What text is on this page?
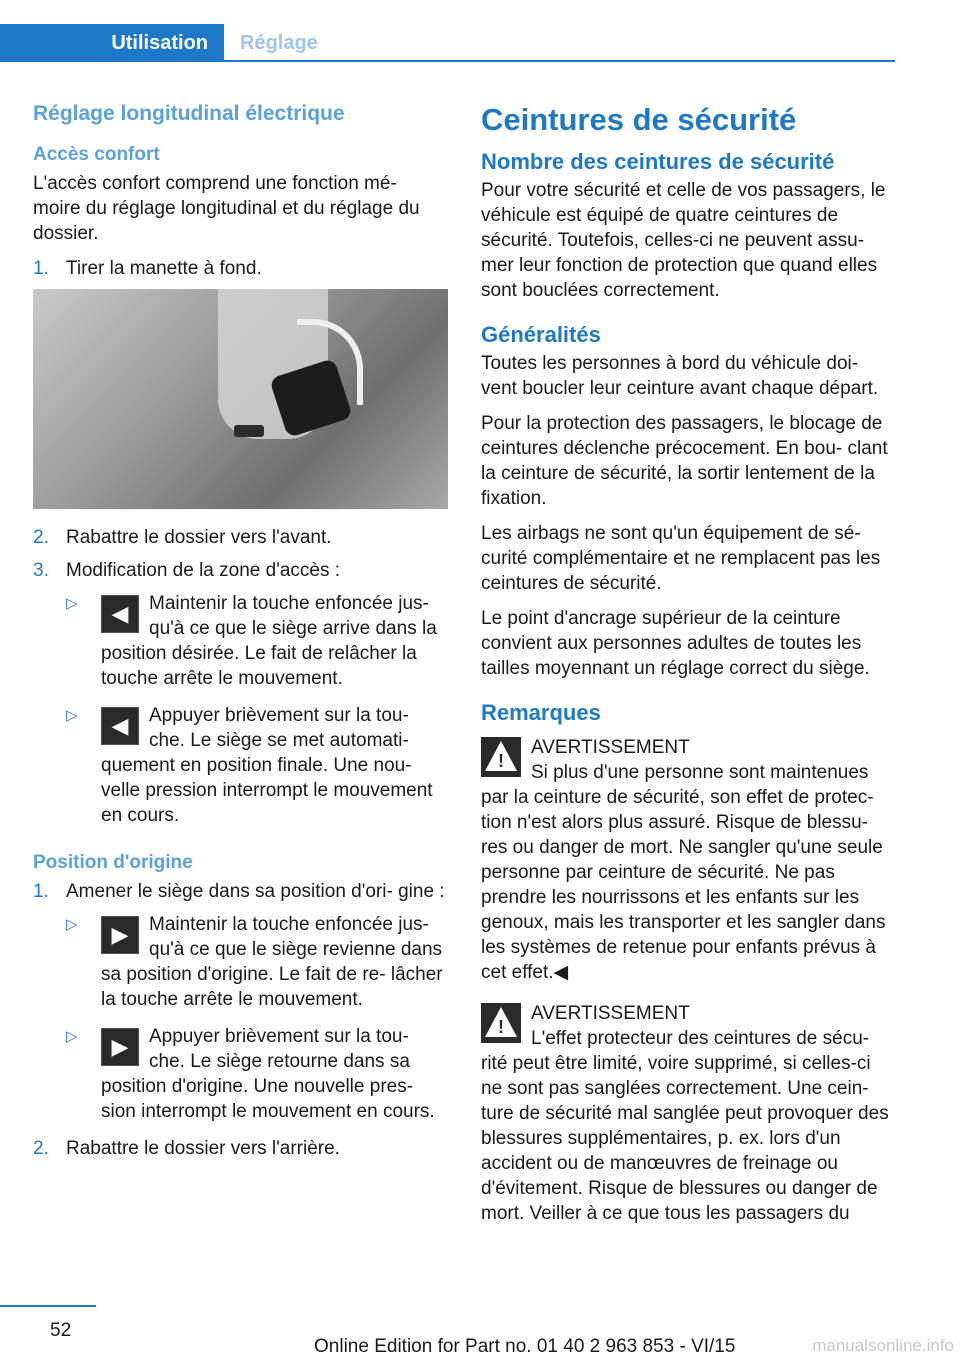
Utilisation	Réglage
Réglage longitudinal électrique
Accès confort

L'accès confort comprend une fonction mé- moire du réglage longitudinal et du réglage du dossier.

1. Tirer la manette à fond.
2. Rabattre le dossier vers l'avant.
3. Modification de la zone d'accès :
▷	◀	Maintenir la touche enfoncée jus- qu'à ce que le siège arrive dans la position désirée. Le fait de relâcher la touche arrête le mouvement.
▷	◀	Appuyer brièvement sur la tou- che. Le siège se met automati- quement en position finale. Une nou- velle pression interrompt le mouvement en cours.
Position d'origine
1. Amener le siège dans sa position d'ori- gine :
▷	▶	Maintenir la touche enfoncée jus- qu'à ce que le siège revienne dans sa position d'origine. Le fait de re- lâcher la touche arrête le mouvement.
▷	▶	Appuyer brièvement sur la tou- che. Le siège retourne dans sa position d'origine. Une nouvelle pres- sion interrompt le mouvement en cours.
2. Rabattre le dossier vers l'arrière.
Ceintures de sécurité
Nombre des ceintures de sécurité

Pour votre sécurité et celle de vos passagers, le véhicule est équipé de quatre ceintures de sécurité. Toutefois, celles-ci ne peuvent assu- mer leur fonction de protection que quand elles sont bouclées correctement.

Généralités

Toutes les personnes à bord du véhicule doi- vent boucler leur ceinture avant chaque départ.

Pour la protection des passagers, le blocage de ceintures déclenche précocement. En bou- clant la ceinture de sécurité, la sortir lentement de la fixation.

Les airbags ne sont qu'un équipement de sé- curité complémentaire et ne remplacent pas les ceintures de sécurité.

Le point d'ancrage supérieur de la ceinture convient aux personnes adultes de toutes les tailles moyennant un réglage correct du siège.

Remarques
!
AVERTISSEMENT
Si plus d'une personne sont maintenues par la ceinture de sécurité, son effet de protec- tion n'est alors plus assuré. Risque de blessu- res ou danger de mort. Ne sangler qu'une seule personne par ceinture de sécurité. Ne pas prendre les nourrissons et les enfants sur les genoux, mais les transporter et les sangler dans les systèmes de retenue pour enfants prévus à cet effet.◀
!
AVERTISSEMENT
L'effet protecteur des ceintures de sécu- rité peut être limité, voire supprimé, si celles-ci ne sont pas sanglées correctement. Une cein- ture de sécurité mal sanglée peut provoquer des blessures supplémentaires, p. ex. lors d'un accident ou de manœuvres de freinage ou d'évitement. Risque de blessures ou danger de mort. Veiller à ce que tous les passagers du
52
Online Edition for Part no. 01 40 2 963 853 - VI/15	manualsonline.info
